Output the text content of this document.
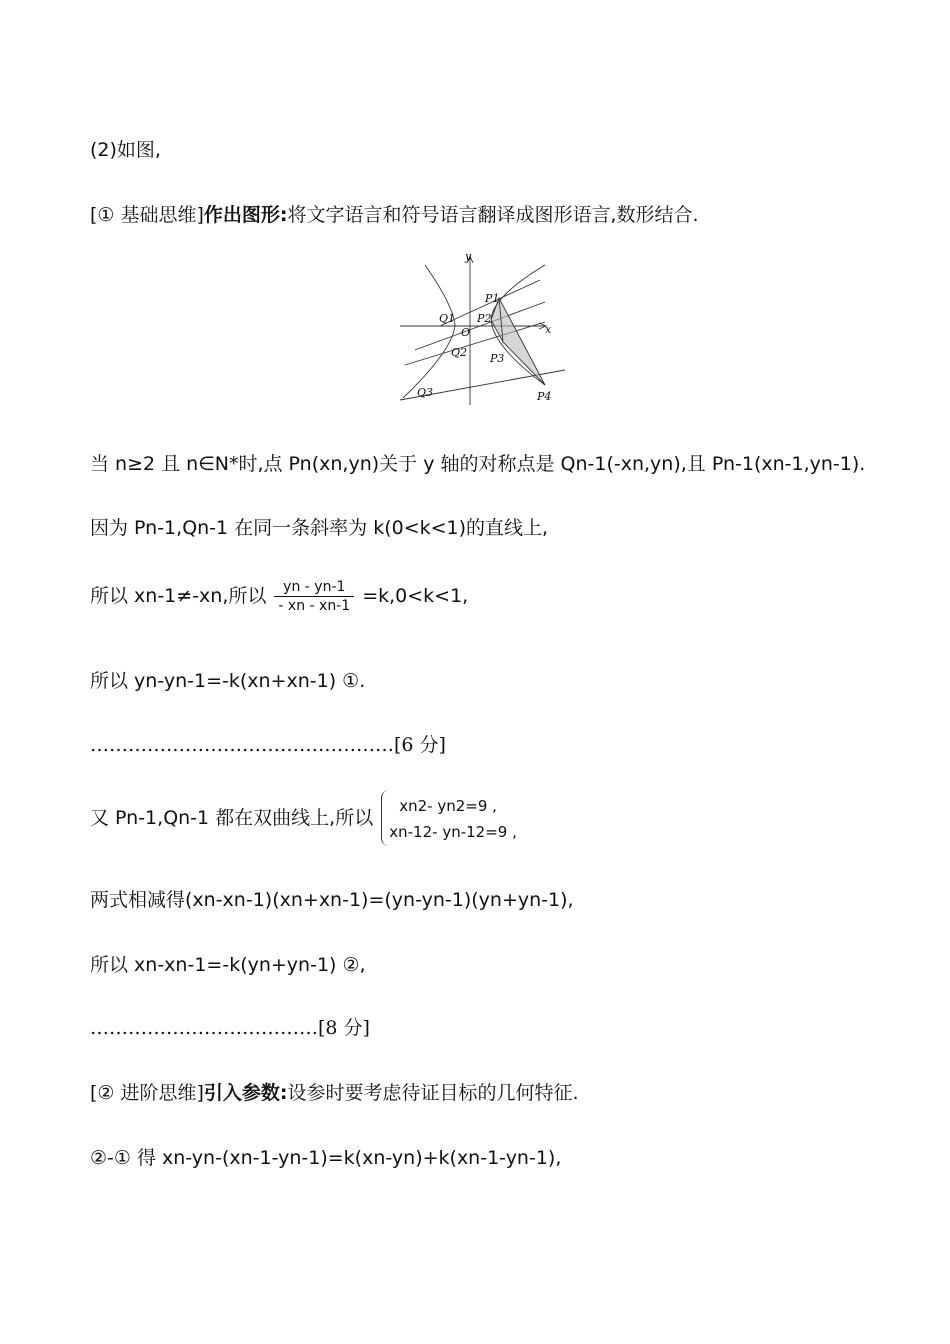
(2)如图,
[① 基础思维]作出图形:将文字语言和符号语言翻译成图形语言,数形结合.
y
x
O
P1
P2
P3
P4
Q1
Q2
Q3
当 n≥2 且 n∈N*时,点 Pn(xn,yn)关于 y 轴的对称点是 Qn-1(-xn,yn),且 Pn-1(xn-1,yn-1).
因为 Pn-1,Qn-1 在同一条斜率为 k(0<k<1)的直线上,
所以 xn-1≠-xn,所以 $\frac{yn - yn-1}{- xn - xn-1} =k,0<k<1$,
所以 yn-yn-1=-k(xn+xn-1) ①.
…………………………………………[6 分]
又 Pn-1,Qn-1 都在双曲线上,所以
xn2- yn2=9 ,
xn-12- yn-12=9 ,
两式相减得(xn-xn-1)(xn+xn-1)=(yn-yn-1)(yn+yn-1),
所以 xn-xn-1=-k(yn+yn-1) ②,
………………………………[8 分]
[② 进阶思维]引入参数:设参时要考虑待证目标的几何特征.
②-① 得 xn-yn-(xn-1-yn-1)=k(xn-yn)+k(xn-1-yn-1),
